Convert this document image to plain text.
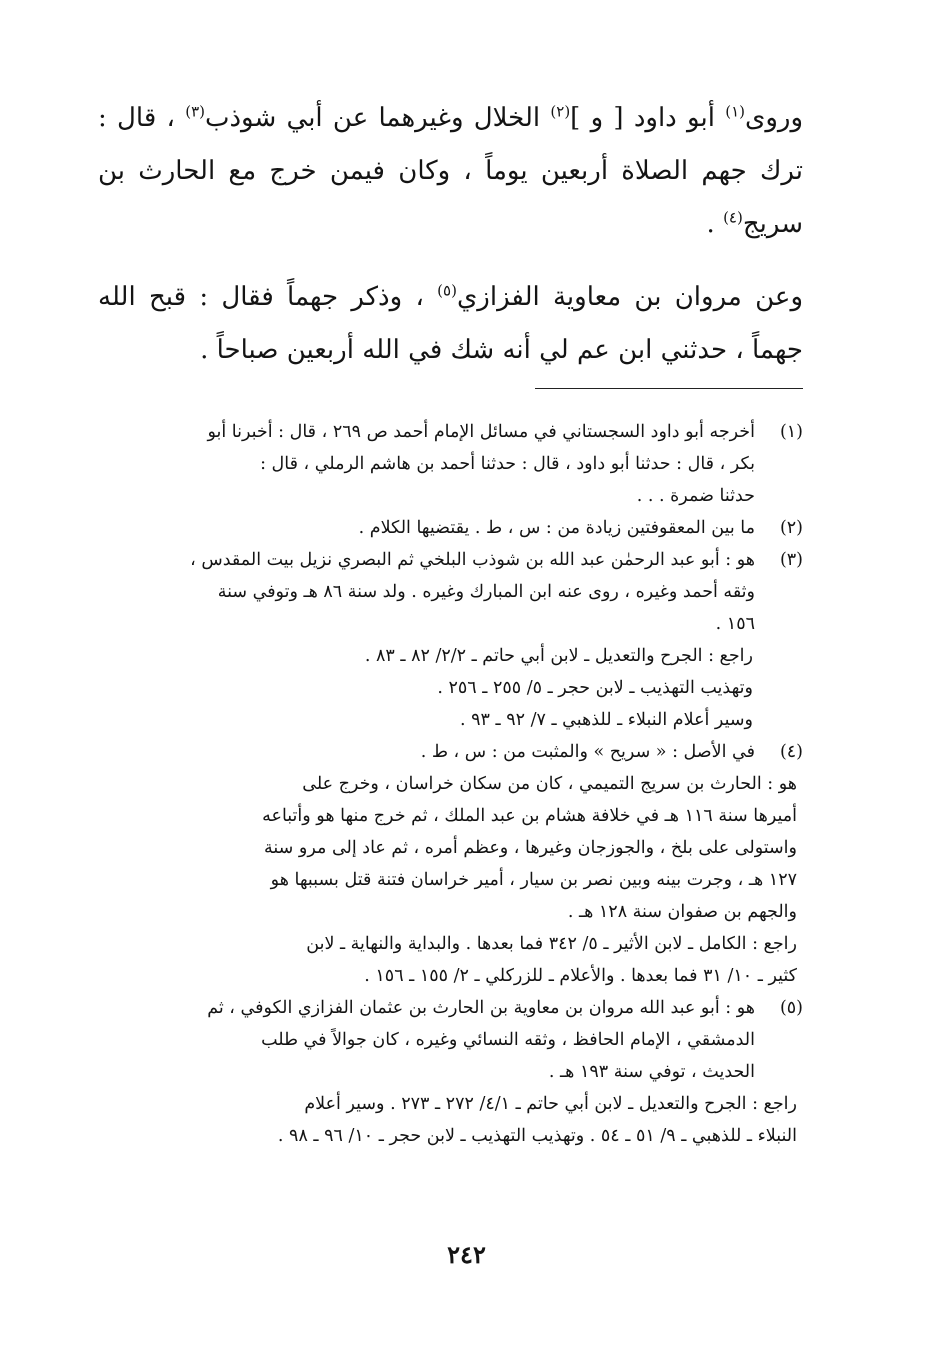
وروى$^{(١)}$ أبو داود [ و ]$^{(٢)}$ الخلال وغيرهما عن أبي شوذب$^{(٣)}$ ، قال : ترك جهم الصلاة أربعين يوماً ، وكان فيمن خرج مع الحارث بن سريج$^{(٤)}$ .

وعن مروان بن معاوية الفزازي$^{(٥)}$ ، وذكر جهماً فقال : قبح الله جهماً ، حدثني ابن عم لي أنه شك في الله أربعين صباحاً .

(١)
أخرجه أبو داود السجستاني في مسائل الإمام أحمد ص ٢٦٩ ، قال : أخبرنا أبو
بكر ، قال : حدثنا أبو داود ، قال : حدثنا أحمد بن هاشم الرملي ، قال :
حدثنا ضمرة . . .
(٢)
ما بين المعقوفتين زيادة من : س ، ط . يقتضيها الكلام .
(٣)
هو : أبو عبد الرحمٰن عبد الله بن شوذب البلخي ثم البصري نزيل بيت المقدس ،
وثقه أحمد وغيره ، روى عنه ابن المبارك وغيره . ولد سنة ٨٦ هـ وتوفي سنة
١٥٦ .
راجع : الجرح والتعديل ـ لابن أبي حاتم ـ ٢/٢/ ٨٢ ـ ٨٣ .
وتهذيب التهذيب ـ لابن حجر ـ ٥/ ٢٥٥ ـ ٢٥٦ .
وسير أعلام النبلاء ـ للذهبي ـ ٧/ ٩٢ ـ ٩٣ .
(٤)
في الأصل : « سريح » والمثبت من : س ، ط .
هو : الحارث بن سريج التميمي ، كان من سكان خراسان ، وخرج على
أميرها سنة ١١٦ هـ في خلافة هشام بن عبد الملك ، ثم خرج منها هو وأتباعه
واستولى على بلخ ، والجوزجان وغيرها ، وعظم أمره ، ثم عاد إلى مرو سنة
١٢٧ هـ ، وجرت بينه وبين نصر بن سيار ، أمير خراسان فتنة قتل بسببها هو
والجهم بن صفوان سنة ١٢٨ هـ .
راجع : الكامل ـ لابن الأثير ـ ٥/ ٣٤٢ فما بعدها . والبداية والنهاية ـ لابن
كثير ـ ١٠/ ٣١ فما بعدها . والأعلام ـ للزركلي ـ ٢/ ١٥٥ ـ ١٥٦ .
(٥)
هو : أبو عبد الله مروان بن معاوية بن الحارث بن عثمان الفزازي الكوفي ، ثم
الدمشقي ، الإمام الحافظ ، وثقه النسائي وغيره ، كان جوالاً في طلب
الحديث ، توفي سنة ١٩٣ هـ .
راجع : الجرح والتعديل ـ لابن أبي حاتم ـ ٤/١/ ٢٧٢ ـ ٢٧٣ . وسير أعلام
النبلاء ـ للذهبي ـ ٩/ ٥١ ـ ٥٤ . وتهذيب التهذيب ـ لابن حجر ـ ١٠/ ٩٦ ـ ٩٨ .
٢٤٢
